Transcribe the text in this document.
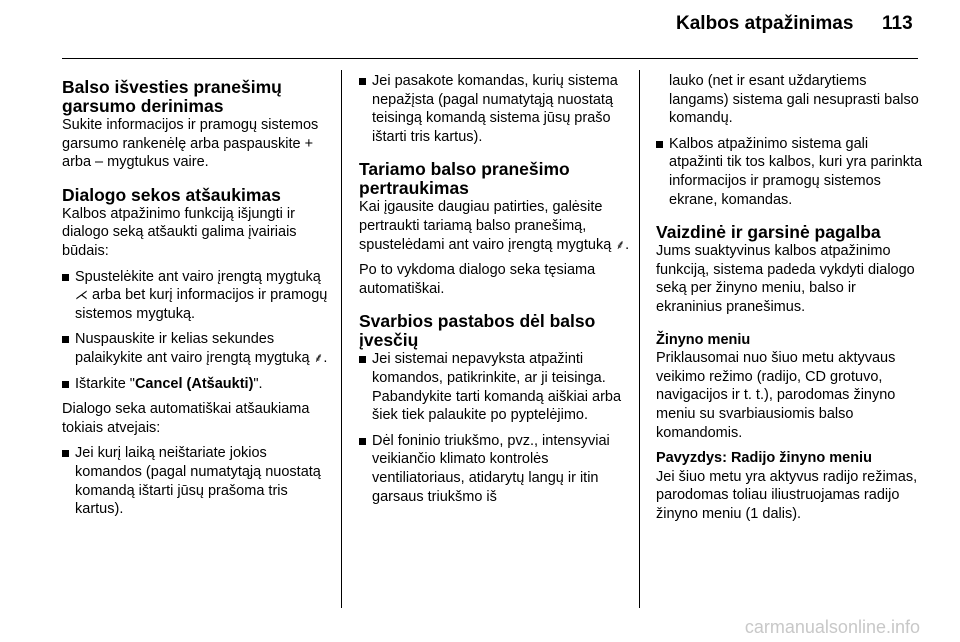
Kalbos atpažinimas 113
Balso išvesties pranešimų garsumo derinimas

Sukite informacijos ir pramogų sistemos garsumo rankenėlę arba paspauskite + arba – mygtukus vaire.

Dialogo sekos atšaukimas

Kalbos atpažinimo funkciją išjungti ir dialogo seką atšaukti galima įvairiais būdais:

Spustelėkite ant vairo įrengtą mygtuką ⋌ arba bet kurį informacijos ir pramogų sistemos mygtuką.
Nuspauskite ir kelias sekundes palaikykite ant vairo įrengtą mygtuką ⸙.
Ištarkite "Cancel (Atšaukti)".

Dialogo seka automatiškai atšaukiama tokiais atvejais:

Jei kurį laiką neištariate jokios komandos (pagal numatytąją nuostatą komandą ištarti jūsų prašoma tris kartus).
Jei pasakote komandas, kurių sistema nepažįsta (pagal numatytąją nuostatą teisingą komandą sistema jūsų prašo ištarti tris kartus).
Tariamo balso pranešimo pertraukimas

Kai įgausite daugiau patirties, galėsite pertraukti tariamą balso pranešimą, spustelėdami ant vairo įrengtą mygtuką ⸙.

Po to vykdoma dialogo seka tęsiama automatiškai.

Svarbios pastabos dėl balso įvesčių
Jei sistemai nepavyksta atpažinti komandos, patikrinkite, ar ji teisinga. Pabandykite tarti komandą aiškiai arba šiek tiek palaukite po pyptelėjimo.
Dėl foninio triukšmo, pvz., intensyviai veikiančio klimato kontrolės ventiliatoriaus, atidarytų langų ir itin garsaus triukšmo iš

lauko (net ir esant uždarytiems langams) sistema gali nesuprasti balso komandų.

Kalbos atpažinimo sistema gali atpažinti tik tos kalbos, kuri yra parinkta informacijos ir pramogų sistemos ekrane, komandas.
Vaizdinė ir garsinė pagalba

Jums suaktyvinus kalbos atpažinimo funkciją, sistema padeda vykdyti dialogo seką per žinyno meniu, balso ir ekraninius pranešimus.

Žinyno meniu

Priklausomai nuo šiuo metu aktyvaus veikimo režimo (radijo, CD grotuvo, navigacijos ir t. t.), parodomas žinyno meniu su svarbiausiomis balso komandomis.

Pavyzdys: Radijo žinyno meniu

Jei šiuo metu yra aktyvus radijo režimas, parodomas toliau iliustruojamas radijo žinyno meniu (1 dalis).

carmanualsonline.info
